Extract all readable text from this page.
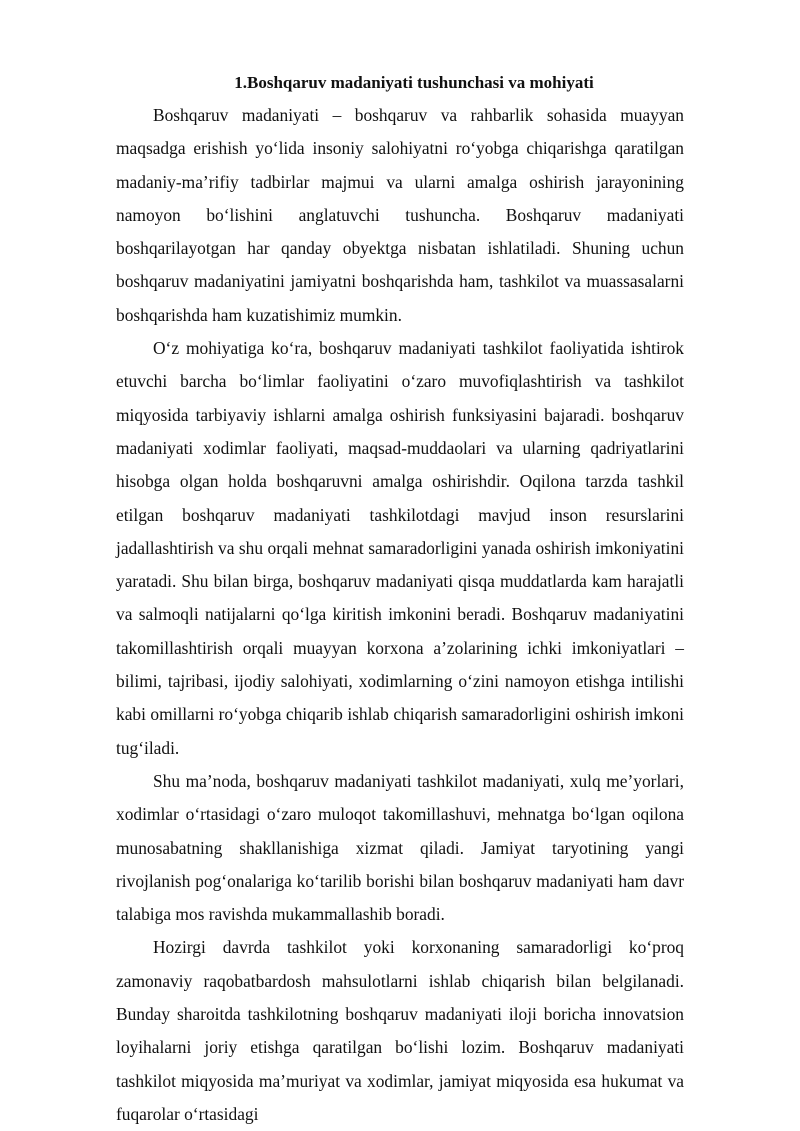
1.Boshqaruv madaniyati tushunchasi va mohiyati

Boshqaruv madaniyati – boshqaruv va rahbarlik sohasida muayyan maqsadga erishish yo‘lida insoniy salohiyatni ro‘yobga chiqarishga qaratilgan madaniy-ma’rifiy tadbirlar majmui va ularni amalga oshirish jarayonining namoyon bo‘lishini anglatuvchi tushuncha. Boshqaruv madaniyati boshqarilayotgan har qanday obyektga nisbatan ishlatiladi. Shuning uchun boshqaruv madaniyatini jamiyatni boshqarishda ham, tashkilot va muassasalarni boshqarishda ham kuzatishimiz mumkin.

O‘z mohiyatiga ko‘ra, boshqaruv madaniyati tashkilot faoliyatida ishtirok etuvchi barcha bo‘limlar faoliyatini o‘zaro muvofiqlashtirish va tashkilot miqyosida tarbiyaviy ishlarni amalga oshirish funksiyasini bajaradi. boshqaruv madaniyati xodimlar faoliyati, maqsad-muddaolari va ularning qadriyatlarini hisobga olgan holda boshqaruvni amalga oshirishdir. Oqilona tarzda tashkil etilgan boshqaruv madaniyati tashkilotdagi mavjud inson resurslarini jadallashtirish va shu orqali mehnat samaradorligini yanada oshirish imkoniyatini yaratadi. Shu bilan birga, boshqaruv madaniyati qisqa muddatlarda kam harajatli va salmoqli natijalarni qo‘lga kiritish imkonini beradi. Boshqaruv madaniyatini takomillashtirish orqali muayyan korxona a’zolarining ichki imkoniyatlari – bilimi, tajribasi, ijodiy salohiyati, xodimlarning o‘zini namoyon etishga intilishi kabi omillarni ro‘yobga chiqarib ishlab chiqarish samaradorligini oshirish imkoni tug‘iladi.

Shu ma’noda, boshqaruv madaniyati tashkilot madaniyati, xulq me’yorlari, xodimlar o‘rtasidagi o‘zaro muloqot takomillashuvi, mehnatga bo‘lgan oqilona munosabatning shakllanishiga xizmat qiladi. Jamiyat taryotining yangi rivojlanish pog‘onalariga ko‘tarilib borishi bilan boshqaruv madaniyati ham davr talabiga mos ravishda mukammallashib boradi.

Hozirgi davrda tashkilot yoki korxonaning samaradorligi ko‘proq zamonaviy raqobatbardosh mahsulotlarni ishlab chiqarish bilan belgilanadi. Bunday sharoitda tashkilotning boshqaruv madaniyati iloji boricha innovatsion loyihalarni joriy etishga qaratilgan bo‘lishi lozim. Boshqaruv madaniyati tashkilot miqyosida ma’muriyat va xodimlar, jamiyat miqyosida esa hukumat va fuqarolar o‘rtasidagi
